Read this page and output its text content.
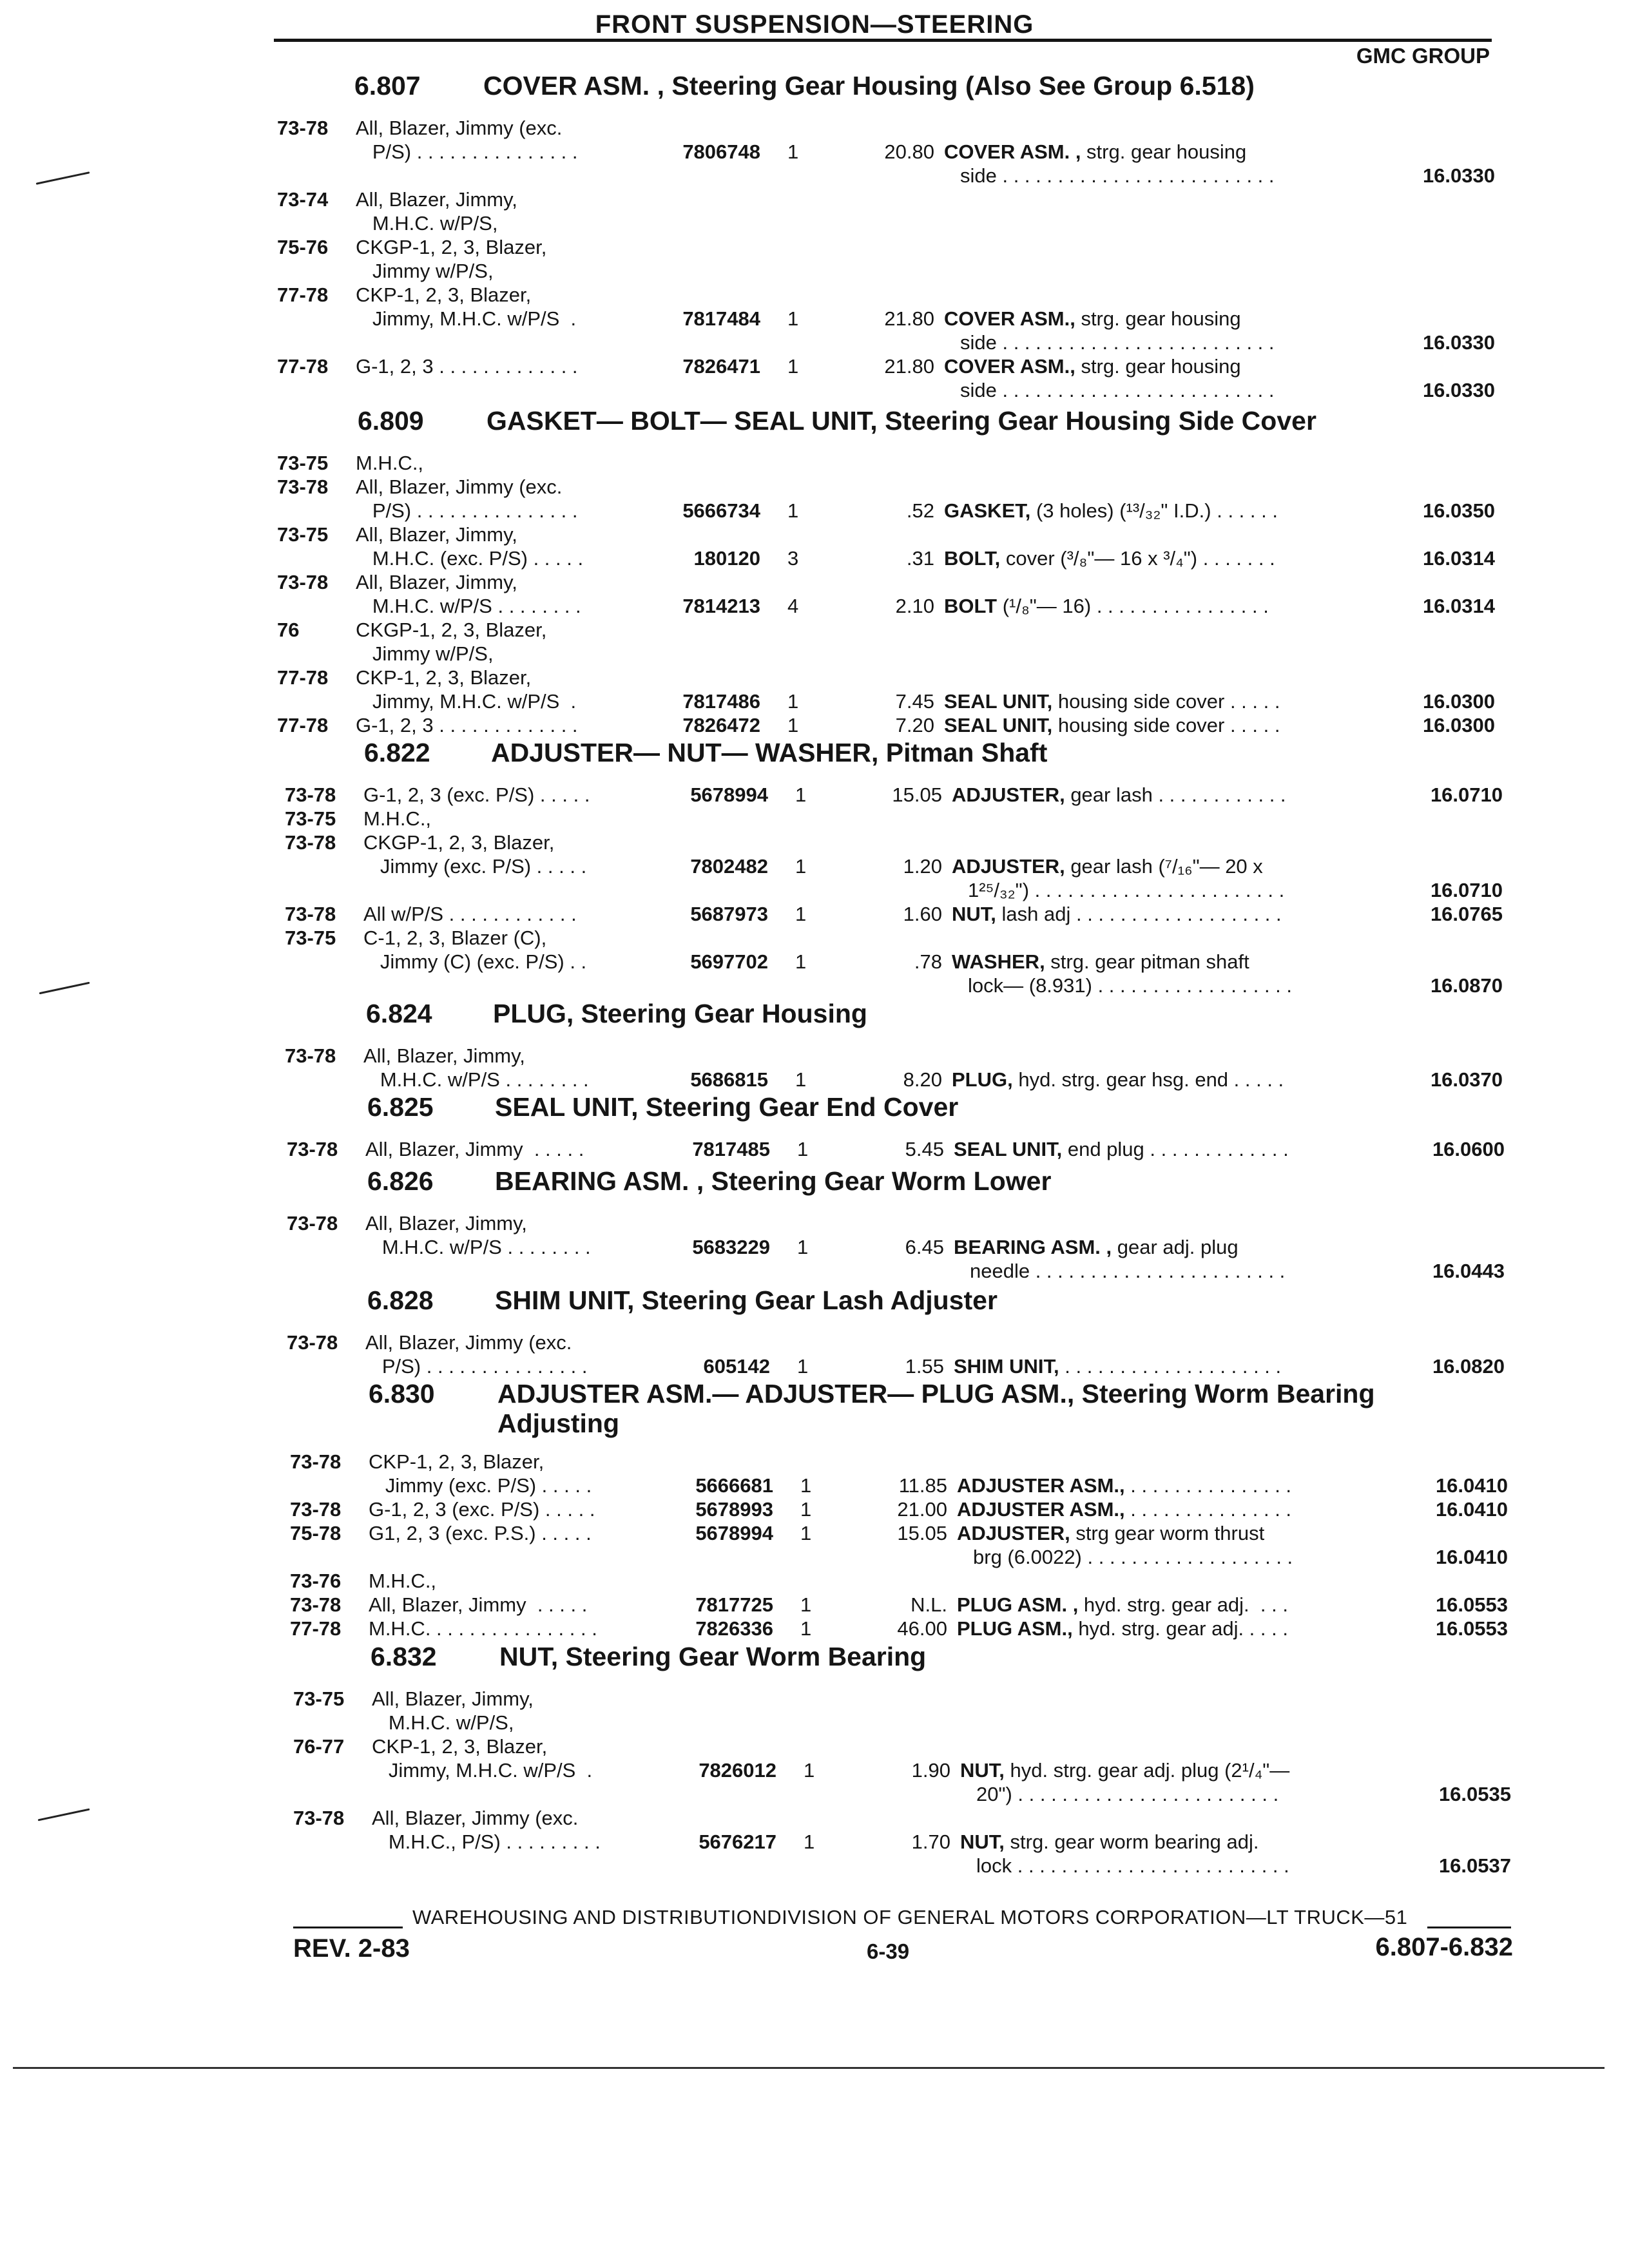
FRONT SUSPENSION—STEERING
GMC GROUP
6.807 COVER ASM. , Steering Gear Housing (Also See Group 6.518)
73-78 All, Blazer, Jimmy (exc.
P/S) . . . . . . . . . . . . . . .	7806748 1	20.80 COVER ASM. , strg. gear housing
side . . . . . . . . . . . . . . . . . . . . . . . . .	16.0330
73-74 All, Blazer, Jimmy,
M.H.C. w/P/S,
75-76 CKGP-1, 2, 3, Blazer,
Jimmy w/P/S,
77-78 CKP-1, 2, 3, Blazer,
Jimmy, M.H.C. w/P/S  .	7817484 1	21.80 COVER ASM., strg. gear housing
side . . . . . . . . . . . . . . . . . . . . . . . . .	16.0330
77-78 G-1, 2, 3 . . . . . . . . . . . . .	7826471 1	21.80 COVER ASM., strg. gear housing
side . . . . . . . . . . . . . . . . . . . . . . . . .	16.0330
6.809 GASKET— BOLT— SEAL UNIT, Steering Gear Housing Side Cover
73-75 M.H.C.,
73-78 All, Blazer, Jimmy (exc.
P/S) . . . . . . . . . . . . . . .	5666734 1	.52 GASKET, (3 holes) (¹³/₃₂" I.D.) . . . . . .	16.0350
73-75 All, Blazer, Jimmy,
M.H.C. (exc. P/S) . . . . .	180120 3	.31 BOLT, cover (³/₈"— 16 x ³/₄") . . . . . . .	16.0314
73-78 All, Blazer, Jimmy,
M.H.C. w/P/S . . . . . . . .	7814213 4	2.10 BOLT (¹/₈"— 16) . . . . . . . . . . . . . . . .	16.0314
76	CKGP-1, 2, 3, Blazer,
Jimmy w/P/S,
77-78 CKP-1, 2, 3, Blazer,
Jimmy, M.H.C. w/P/S  .	7817486 1	7.45 SEAL UNIT, housing side cover . . . . .	16.0300
77-78 G-1, 2, 3 . . . . . . . . . . . . .	7826472 1	7.20 SEAL UNIT, housing side cover . . . . .	16.0300
6.822 ADJUSTER— NUT— WASHER, Pitman Shaft
73-78 G-1, 2, 3 (exc. P/S) . . . . .	5678994 1	15.05 ADJUSTER, gear lash . . . . . . . . . . . .	16.0710
73-75 M.H.C.,
73-78 CKGP-1, 2, 3, Blazer,
Jimmy (exc. P/S) . . . . .	7802482 1	1.20 ADJUSTER, gear lash (⁷/₁₆"— 20 x
1²⁵/₃₂") . . . . . . . . . . . . . . . . . . . . . . .	16.0710
73-78 All w/P/S . . . . . . . . . . . .	5687973 1	1.60 NUT, lash adj . . . . . . . . . . . . . . . . . . .	16.0765
73-75 C-1, 2, 3, Blazer (C),
Jimmy (C) (exc. P/S) . .	5697702 1	.78 WASHER, strg. gear pitman shaft
lock— (8.931) . . . . . . . . . . . . . . . . . .	16.0870
6.824 PLUG, Steering Gear Housing
73-78 All, Blazer, Jimmy,
M.H.C. w/P/S . . . . . . . .	5686815 1	8.20 PLUG, hyd. strg. gear hsg. end . . . . .	16.0370
6.825 SEAL UNIT, Steering Gear End Cover
73-78 All, Blazer, Jimmy  . . . . .	7817485 1	5.45 SEAL UNIT, end plug . . . . . . . . . . . . .	16.0600
6.826 BEARING ASM. , Steering Gear Worm Lower
73-78 All, Blazer, Jimmy,
M.H.C. w/P/S . . . . . . . .	5683229 1	6.45 BEARING ASM. , gear adj. plug
needle . . . . . . . . . . . . . . . . . . . . . . .	16.0443
6.828 SHIM UNIT, Steering Gear Lash Adjuster
73-78 All, Blazer, Jimmy (exc.
P/S) . . . . . . . . . . . . . . .	605142 1	1.55 SHIM UNIT, . . . . . . . . . . . . . . . . . . . .	16.0820
6.830 ADJUSTER ASM.— ADJUSTER— PLUG ASM., Steering Worm Bearing Adjusting
73-78 CKP-1, 2, 3, Blazer,
Jimmy (exc. P/S) . . . . .	5666681 1	11.85 ADJUSTER ASM., . . . . . . . . . . . . . . .	16.0410
73-78 G-1, 2, 3 (exc. P/S) . . . . .	5678993 1	21.00 ADJUSTER ASM., . . . . . . . . . . . . . . .	16.0410
75-78 G1, 2, 3 (exc. P.S.) . . . . .	5678994 1	15.05 ADJUSTER, strg gear worm thrust
brg (6.0022) . . . . . . . . . . . . . . . . . . .	16.0410
73-76 M.H.C.,
73-78 All, Blazer, Jimmy  . . . . .	7817725 1	N.L. PLUG ASM. , hyd. strg. gear adj.  . . .	16.0553
77-78 M.H.C. . . . . . . . . . . . . . . .	7826336 1	46.00 PLUG ASM., hyd. strg. gear adj. . . . .	16.0553
6.832 NUT, Steering Gear Worm Bearing
73-75 All, Blazer, Jimmy,
M.H.C. w/P/S,
76-77 CKP-1, 2, 3, Blazer,
Jimmy, M.H.C. w/P/S  .	7826012 1	1.90 NUT, hyd. strg. gear adj. plug (2¹/₄"—
20") . . . . . . . . . . . . . . . . . . . . . . . .	16.0535
73-78 All, Blazer, Jimmy (exc.
M.H.C., P/S) . . . . . . . . .	5676217 1	1.70 NUT, strg. gear worm bearing adj.
lock . . . . . . . . . . . . . . . . . . . . . . . . .	16.0537
WAREHOUSING AND DISTRIBUTIONDIVISION OF GENERAL MOTORS CORPORATION—LT TRUCK—51
REV. 2-83	6-39	6.807-6.832
